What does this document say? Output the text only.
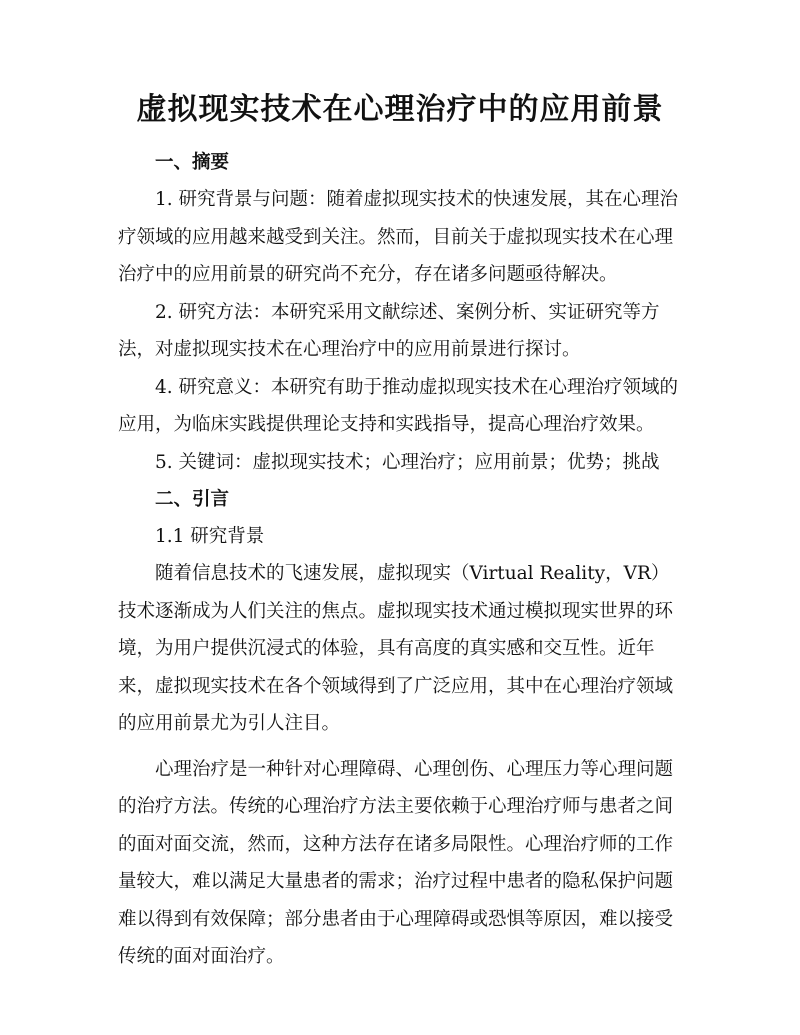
虚拟现实技术在心理治疗中的应用前景
一、摘要

1. 研究背景与问题：随着虚拟现实技术的快速发展，其在心理治疗领域的应用越来越受到关注。然而，目前关于虚拟现实技术在心理治疗中的应用前景的研究尚不充分，存在诸多问题亟待解决。

2. 研究方法：本研究采用文献综述、案例分析、实证研究等方法，对虚拟现实技术在心理治疗中的应用前景进行探讨。

4. 研究意义：本研究有助于推动虚拟现实技术在心理治疗领域的应用，为临床实践提供理论支持和实践指导，提高心理治疗效果。

5. 关键词：虚拟现实技术；心理治疗；应用前景；优势；挑战

二、引言

1.1 研究背景

随着信息技术的飞速发展，虚拟现实（Virtual Reality，VR）技术逐渐成为人们关注的焦点。虚拟现实技术通过模拟现实世界的环境，为用户提供沉浸式的体验，具有高度的真实感和交互性。近年来，虚拟现实技术在各个领域得到了广泛应用，其中在心理治疗领域的应用前景尤为引人注目。

心理治疗是一种针对心理障碍、心理创伤、心理压力等心理问题的治疗方法。传统的心理治疗方法主要依赖于心理治疗师与患者之间的面对面交流，然而，这种方法存在诸多局限性。心理治疗师的工作量较大，难以满足大量患者的需求；治疗过程中患者的隐私保护问题难以得到有效保障；部分患者由于心理障碍或恐惧等原因，难以接受传统的面对面治疗。
